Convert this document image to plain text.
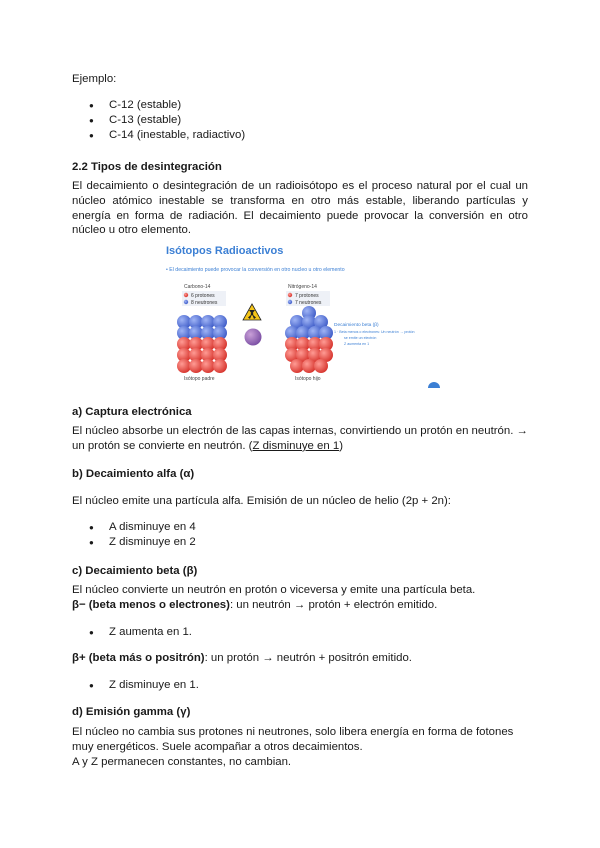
Ejemplo:

● C-12 (estable)
● C-13 (estable)
● C-14 (inestable, radiactivo)

2.2 Tipos de desintegración

El decaimiento o desintegración de un radioisótopo es el proceso natural por el cual un núcleo atómico inestable se transforma en otro más estable, liberando partículas y energía en forma de radiación. El decaimiento puede provocar la conversión en otro núcleo u otro elemento.

Isótopos Radioactivos
• El decaimiento puede provocar la conversión en otro nucleo u otro elemento
Carbono-14
6 protones
8 neutrones
Isótopo padre
Nitrógeno-14
7 protones
7 neutrones
Isótopo hijo
Decaimiento beta (β)
1 · Beta menos o electrones: Un neutrón → protón
se emite un electrón
Z aumenta en 1

a) Captura electrónica

El núcleo absorbe un electrón de las capas internas, convirtiendo un protón en neutrón. → un protón se convierte en neutrón. (Z disminuye en 1)

b) Decaimiento alfa (α)

El núcleo emite una partícula alfa. Emisión de un núcleo de helio (2p + 2n):

● A disminuye en 4
● Z disminuye en 2

c) Decaimiento beta (β)

El núcleo convierte un neutrón en protón o viceversa y emite una partícula beta.

β− (beta menos o electrones): un neutrón → protón + electrón emitido.

● Z aumenta en 1.

β+ (beta más o positrón): un protón → neutrón + positrón emitido.

● Z disminuye en 1.

d) Emisión gamma (γ)

El núcleo no cambia sus protones ni neutrones, solo libera energía en forma de fotones muy energéticos. Suele acompañar a otros decaimientos.

A y Z permanecen constantes, no cambian.
